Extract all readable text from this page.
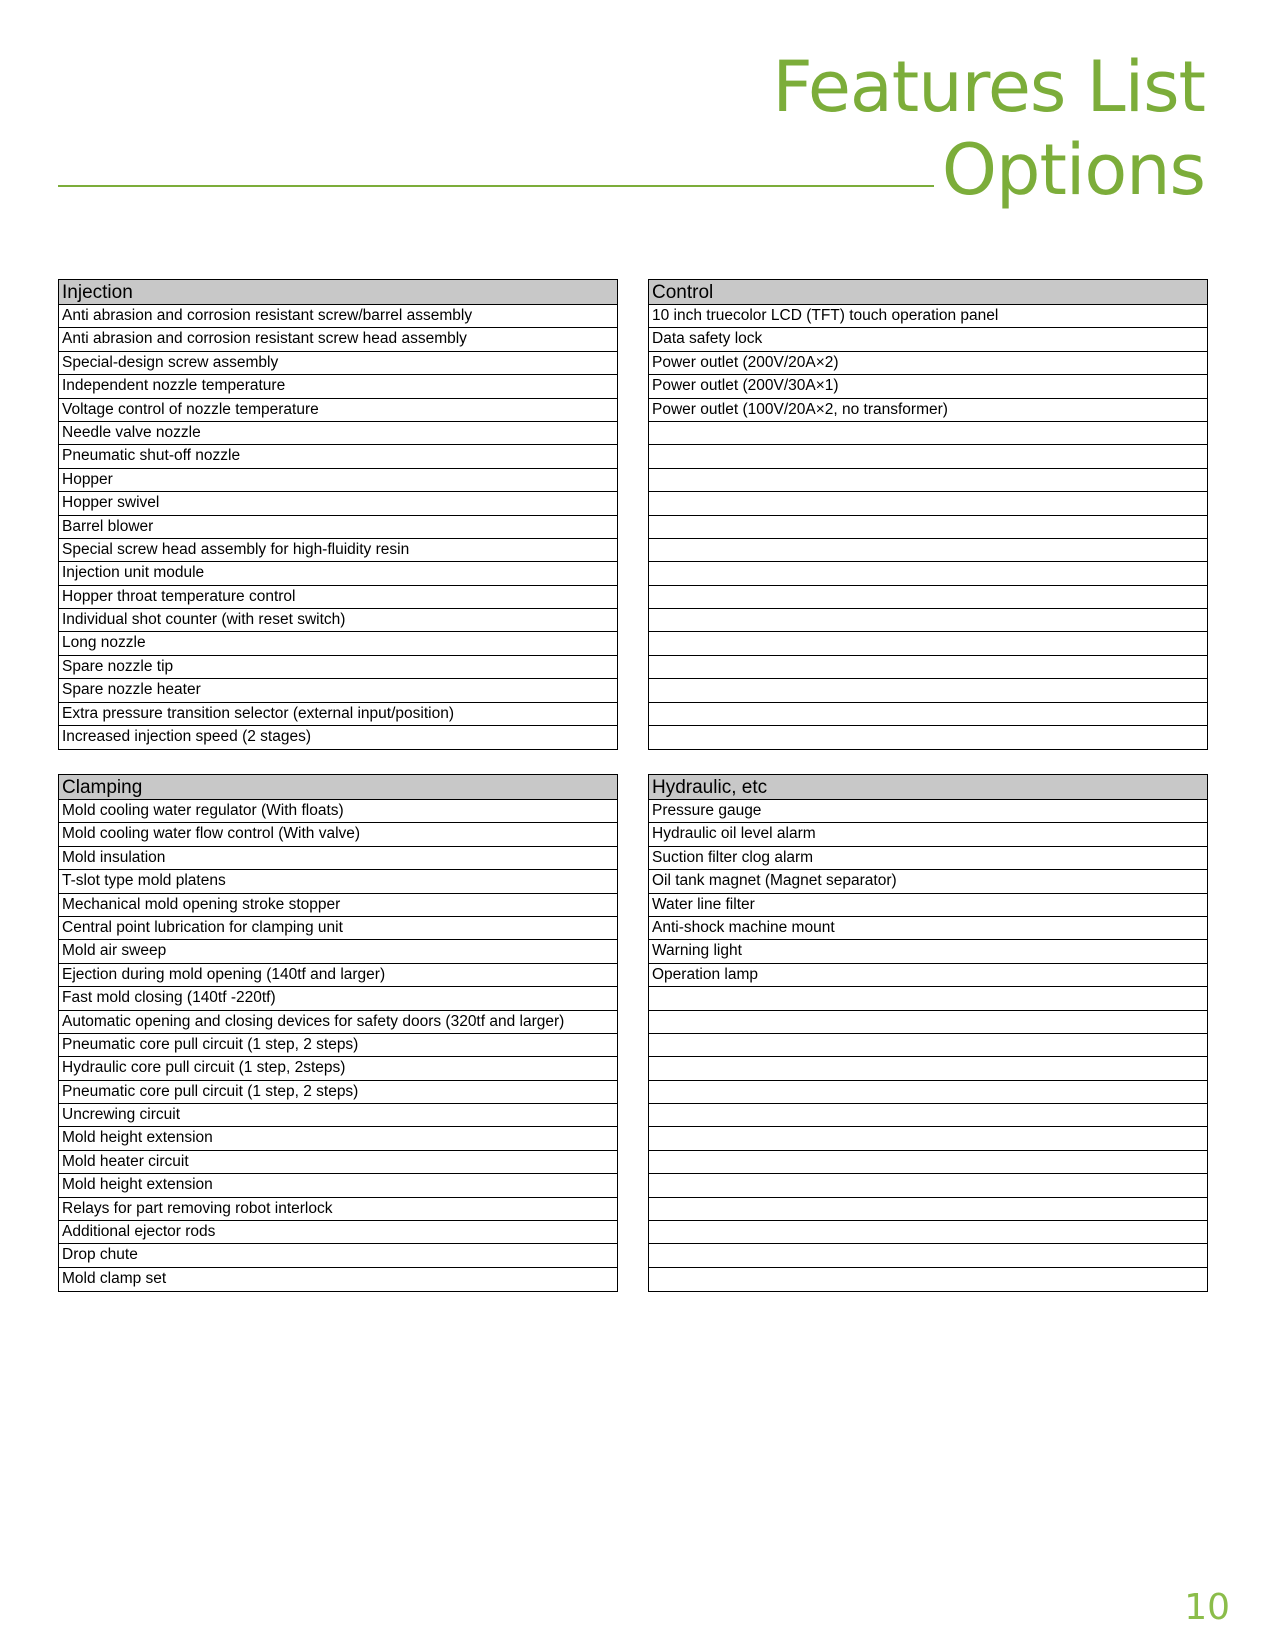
Features List
Options
Injection
Anti abrasion and corrosion resistant screw/barrel assembly
Anti abrasion and corrosion resistant screw head assembly
Special-design screw assembly
Independent nozzle temperature
Voltage control of nozzle temperature
Needle valve nozzle
Pneumatic shut-off nozzle
Hopper
Hopper swivel
Barrel blower
Special screw head assembly for high-fluidity resin
Injection unit module
Hopper throat temperature control
Individual shot counter (with reset switch)
Long nozzle
Spare nozzle tip
Spare nozzle heater
Extra pressure transition selector (external input/position)
Increased injection speed (2 stages)
Control
10 inch truecolor LCD (TFT) touch operation panel
Data safety lock
Power outlet (200V/20A×2)
Power outlet (200V/30A×1)
Power outlet (100V/20A×2, no transformer)
Clamping
Mold cooling water regulator (With floats)
Mold cooling water flow control (With valve)
Mold insulation
T-slot type mold platens
Mechanical mold opening stroke stopper
Central point lubrication for clamping unit
Mold air sweep
Ejection during mold opening (140tf and larger)
Fast mold closing (140tf -220tf)
Automatic opening and closing devices for safety doors (320tf and larger)
Pneumatic core pull circuit (1 step, 2 steps)
Hydraulic core pull circuit (1 step, 2steps)
Pneumatic core pull circuit (1 step, 2 steps)
Uncrewing circuit
Mold height extension
Mold heater circuit
Mold height extension
Relays for part removing robot interlock
Additional ejector rods
Drop chute
Mold clamp set
Hydraulic, etc
Pressure gauge
Hydraulic oil level alarm
Suction filter clog alarm
Oil tank magnet (Magnet separator)
Water line filter
Anti-shock machine mount
Warning light
Operation lamp
10
